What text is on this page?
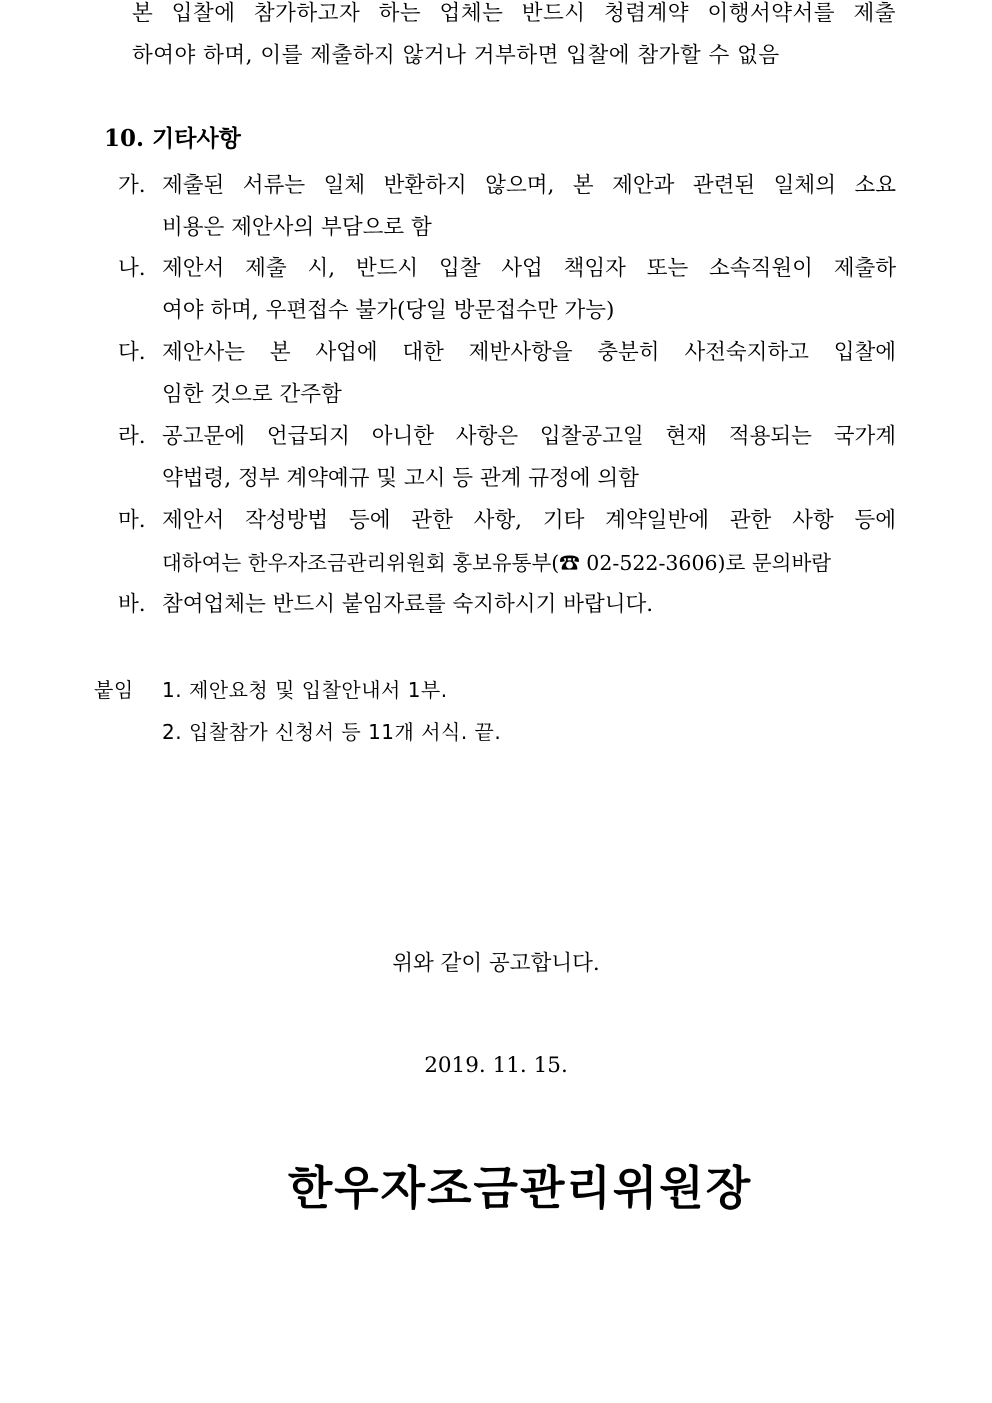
본 입찰에 참가하고자 하는 업체는 반드시 청렴계약 이행서약서를 제출
하여야 하며, 이를 제출하지 않거나 거부하면 입찰에 참가할 수 없음
10. 기타사항
가. 제출된 서류는 일체 반환하지 않으며, 본 제안과 관련된 일체의 소요
비용은 제안사의 부담으로 함
나. 제안서 제출 시, 반드시 입찰 사업 책임자 또는 소속직원이 제출하
여야 하며, 우편접수 불가(당일 방문접수만 가능)
다. 제안사는 본 사업에 대한 제반사항을 충분히 사전숙지하고 입찰에
임한 것으로 간주함
라. 공고문에 언급되지 아니한 사항은 입찰공고일 현재 적용되는 국가계
약법령, 정부 계약예규 및 고시 등 관계 규정에 의함
마. 제안서 작성방법 등에 관한 사항, 기타 계약일반에 관한 사항 등에
대하여는 한우자조금관리위원회 홍보유통부(☎ 02-522-3606)로 문의바람
바. 참여업체는 반드시 붙임자료를 숙지하시기 바랍니다.
붙임 1. 제안요청 및 입찰안내서 1부.
2. 입찰참가 신청서 등 11개 서식. 끝.
위와 같이 공고합니다.
2019. 11. 15.
한우자조금관리위원장
